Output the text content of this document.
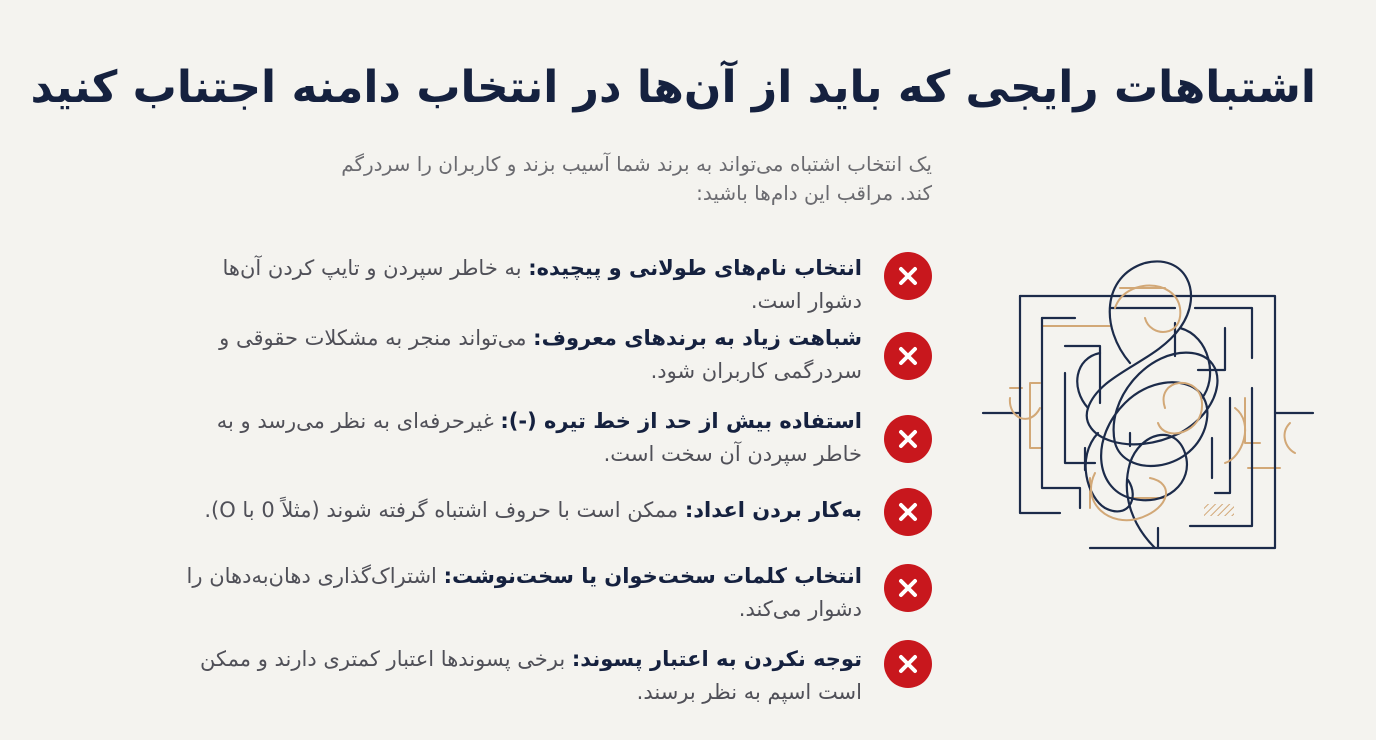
اشتباهات رایجی که باید از آن‌ها در انتخاب دامنه اجتناب کنید

یک انتخاب اشتباه می‌تواند به برند شما آسیب بزند و کاربران را سردرگم کند. مراقب این دام‌ها باشید:

انتخاب نام‌های طولانی و پیچیده: به خاطر سپردن و تایپ کردن آن‌ها دشوار است.
شباهت زیاد به برندهای معروف: می‌تواند منجر به مشکلات حقوقی و سردرگمی کاربران شود.
استفاده بیش از حد از خط تیره (-): غیرحرفه‌ای به نظر می‌رسد و به خاطر سپردن آن سخت است.
به‌کار بردن اعداد: ممکن است با حروف اشتباه گرفته شوند (مثلاً 0 با O).
انتخاب کلمات سخت‌خوان یا سخت‌نوشت: اشتراک‌گذاری دهان‌به‌دهان را دشوار می‌کند.
توجه نکردن به اعتبار پسوند: برخی پسوندها اعتبار کمتری دارند و ممکن است اسپم به نظر برسند.
